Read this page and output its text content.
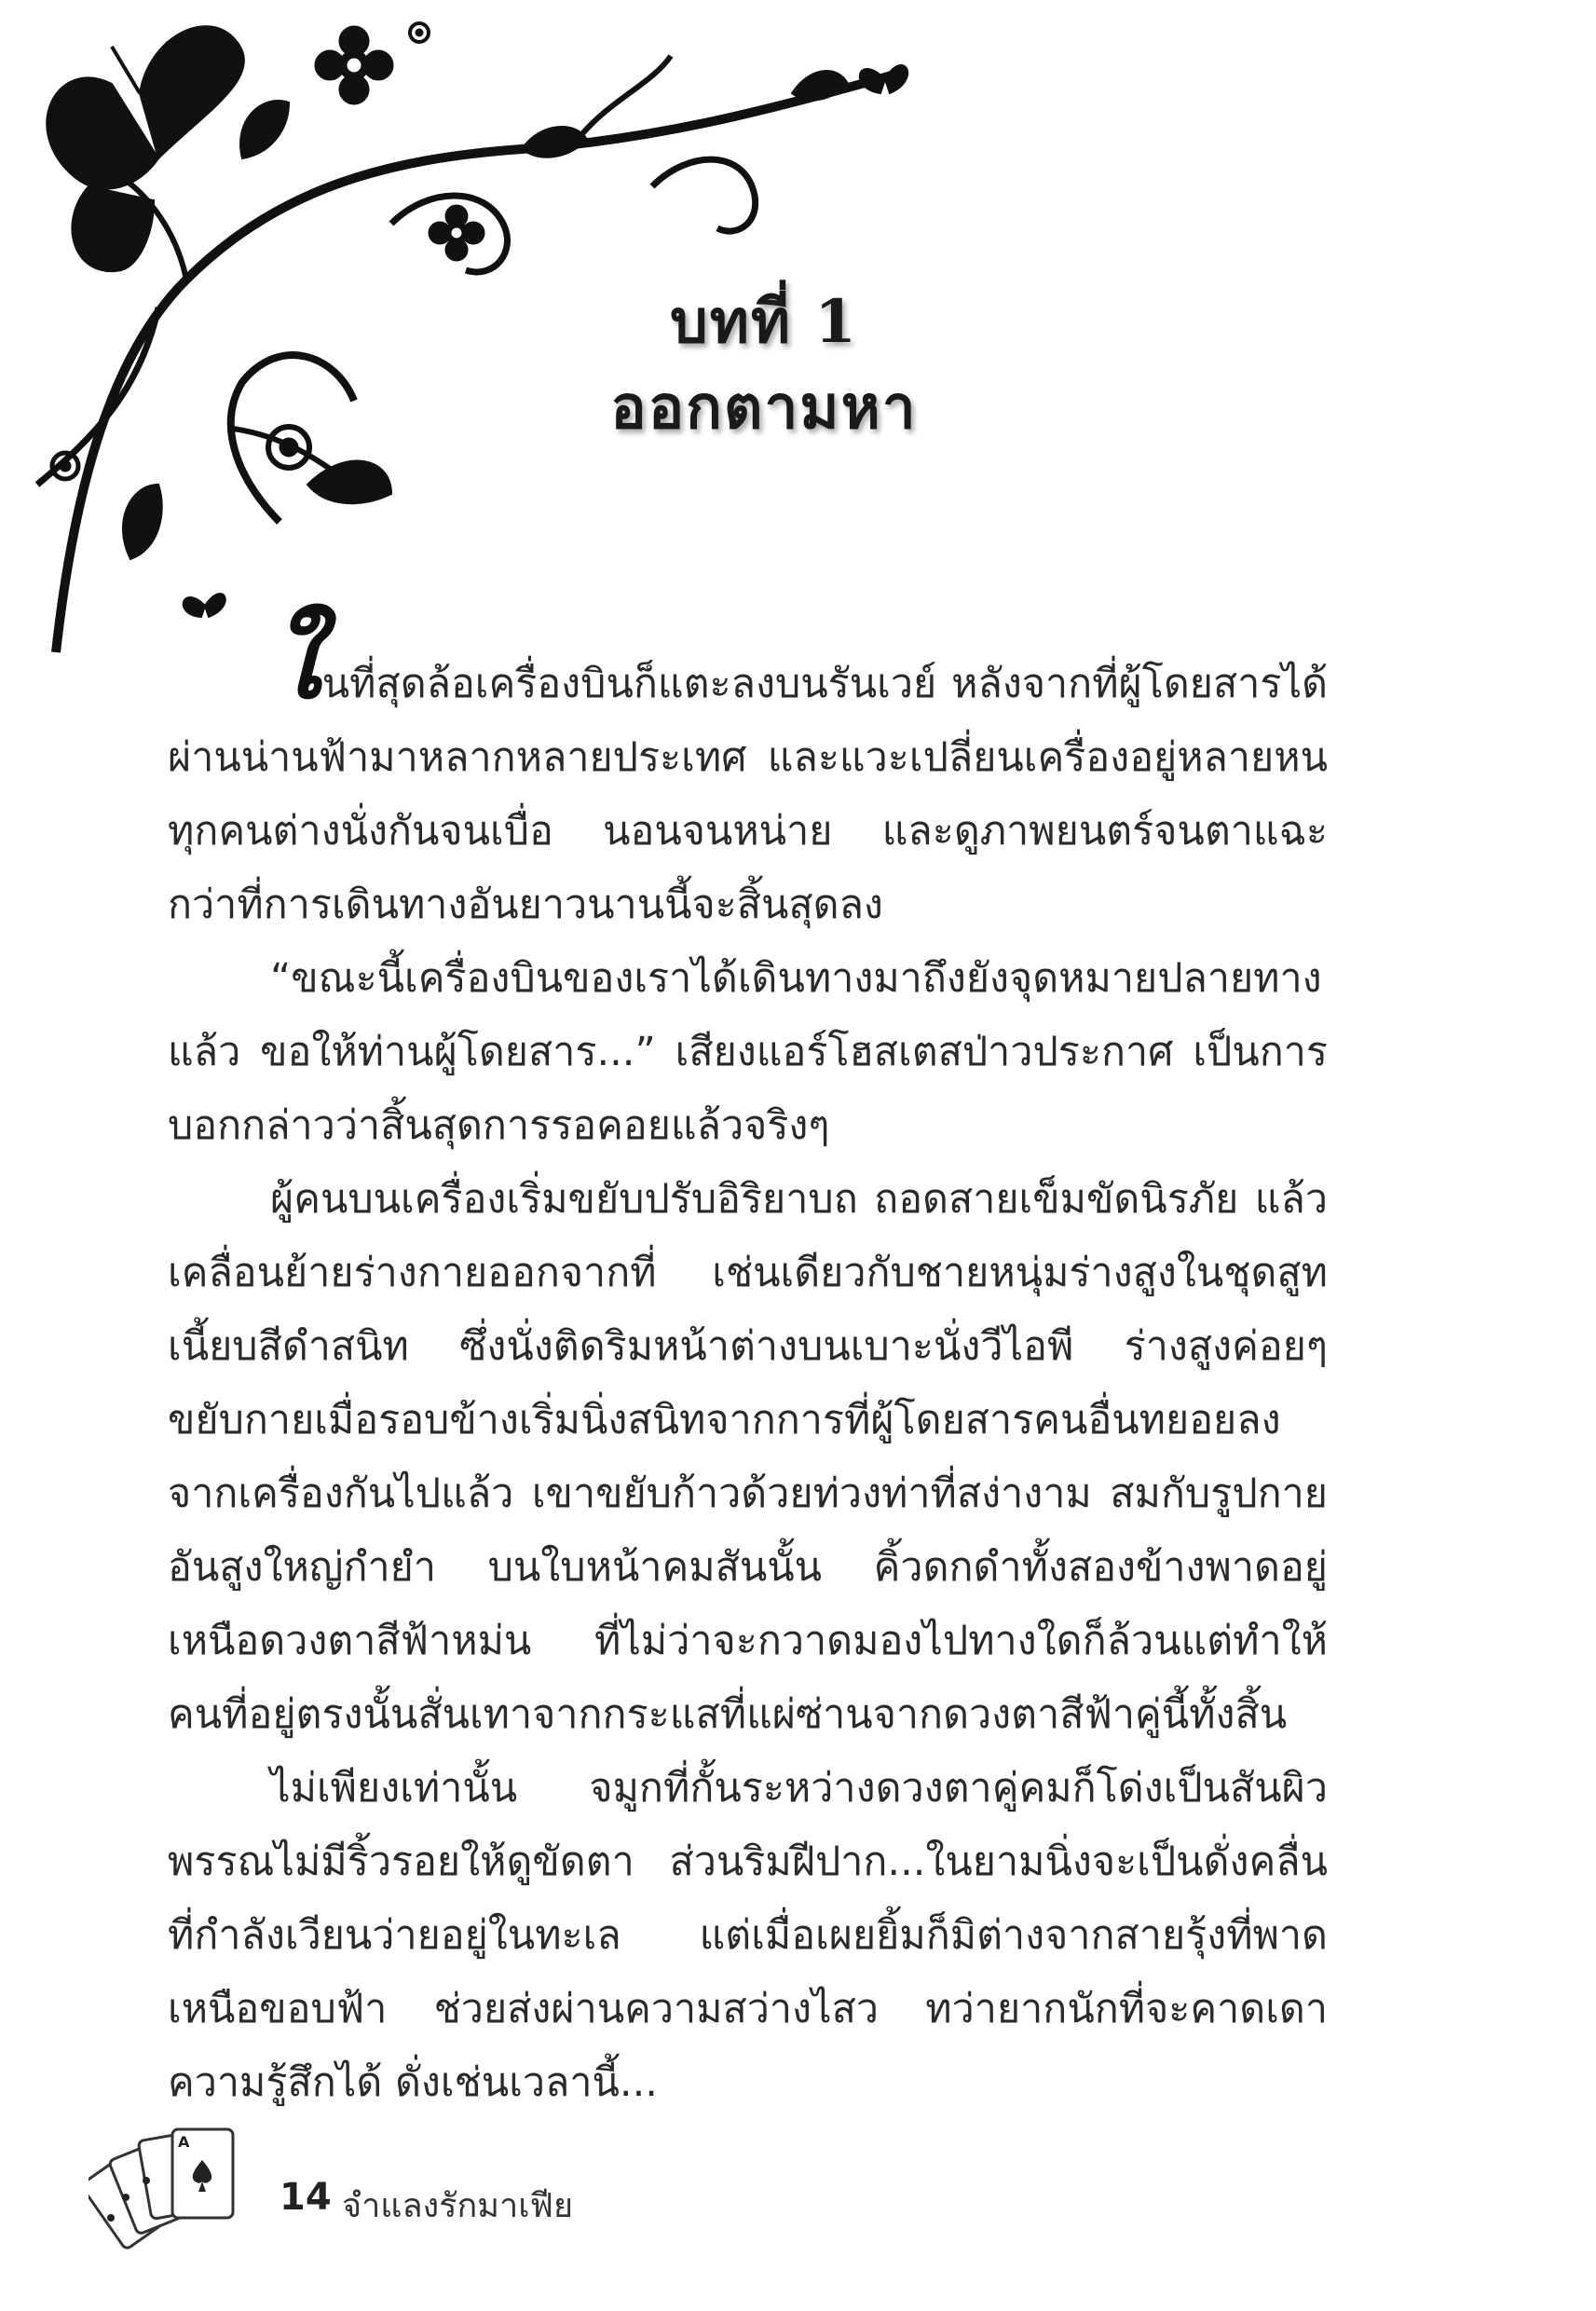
บทที่ 1
ออกตามหา

ในที่สุดล้อเครื่องบินก็แตะลงบนรันเวย์ หลังจากที่ผู้โดยสารได้ผ่านน่านฟ้ามาหลากหลายประเทศ และแวะเปลี่ยนเครื่องอยู่หลายหน ทุกคนต่างนั่งกันจนเบื่อ นอนจนหน่าย และดูภาพยนตร์จนตาแฉะ กว่าที่การเดินทางอันยาวนานนี้จะสิ้นสุดลง

“ขณะนี้เครื่องบินของเราได้เดินทางมาถึงยังจุดหมายปลายทางแล้ว ขอให้ท่านผู้โดยสาร...” เสียงแอร์โฮสเตสป่าวประกาศ เป็นการบอกกล่าวว่าสิ้นสุดการรอคอยแล้วจริงๆ

ผู้คนบนเครื่องเริ่มขยับปรับอิริยาบถ ถอดสายเข็มขัดนิรภัย แล้วเคลื่อนย้ายร่างกายออกจากที่ เช่นเดียวกับชายหนุ่มร่างสูงในชุดสูทเนี้ยบสีดำสนิท ซึ่งนั่งติดริมหน้าต่างบนเบาะนั่งวีไอพี ร่างสูงค่อยๆขยับกายเมื่อรอบข้างเริ่มนิ่งสนิทจากการที่ผู้โดยสารคนอื่นทยอยลงจากเครื่องกันไปแล้ว เขาขยับก้าวด้วยท่วงท่าที่สง่างาม สมกับรูปกายอันสูงใหญ่กำยำ บนใบหน้าคมสันนั้น คิ้วดกดำทั้งสองข้างพาดอยู่เหนือดวงตาสีฟ้าหม่น ที่ไม่ว่าจะกวาดมองไปทางใดก็ล้วนแต่ทำให้คนที่อยู่ตรงนั้นสั่นเทาจากกระแสที่แผ่ซ่านจากดวงตาสีฟ้าคู่นี้ทั้งสิ้น

ไม่เพียงเท่านั้น จมูกที่กั้นระหว่างดวงตาคู่คมก็โด่งเป็นสันผิวพรรณไม่มีริ้วรอยให้ดูขัดตา ส่วนริมฝีปาก...ในยามนิ่งจะเป็นดั่งคลื่นที่กำลังเวียนว่ายอยู่ในทะเล แต่เมื่อเผยยิ้มก็มิต่างจากสายรุ้งที่พาดเหนือขอบฟ้า ช่วยส่งผ่านความสว่างไสว ทว่ายากนักที่จะคาดเดาความรู้สึกได้ ดั่งเช่นเวลานี้...

A
14 จำแลงรักมาเฟีย
